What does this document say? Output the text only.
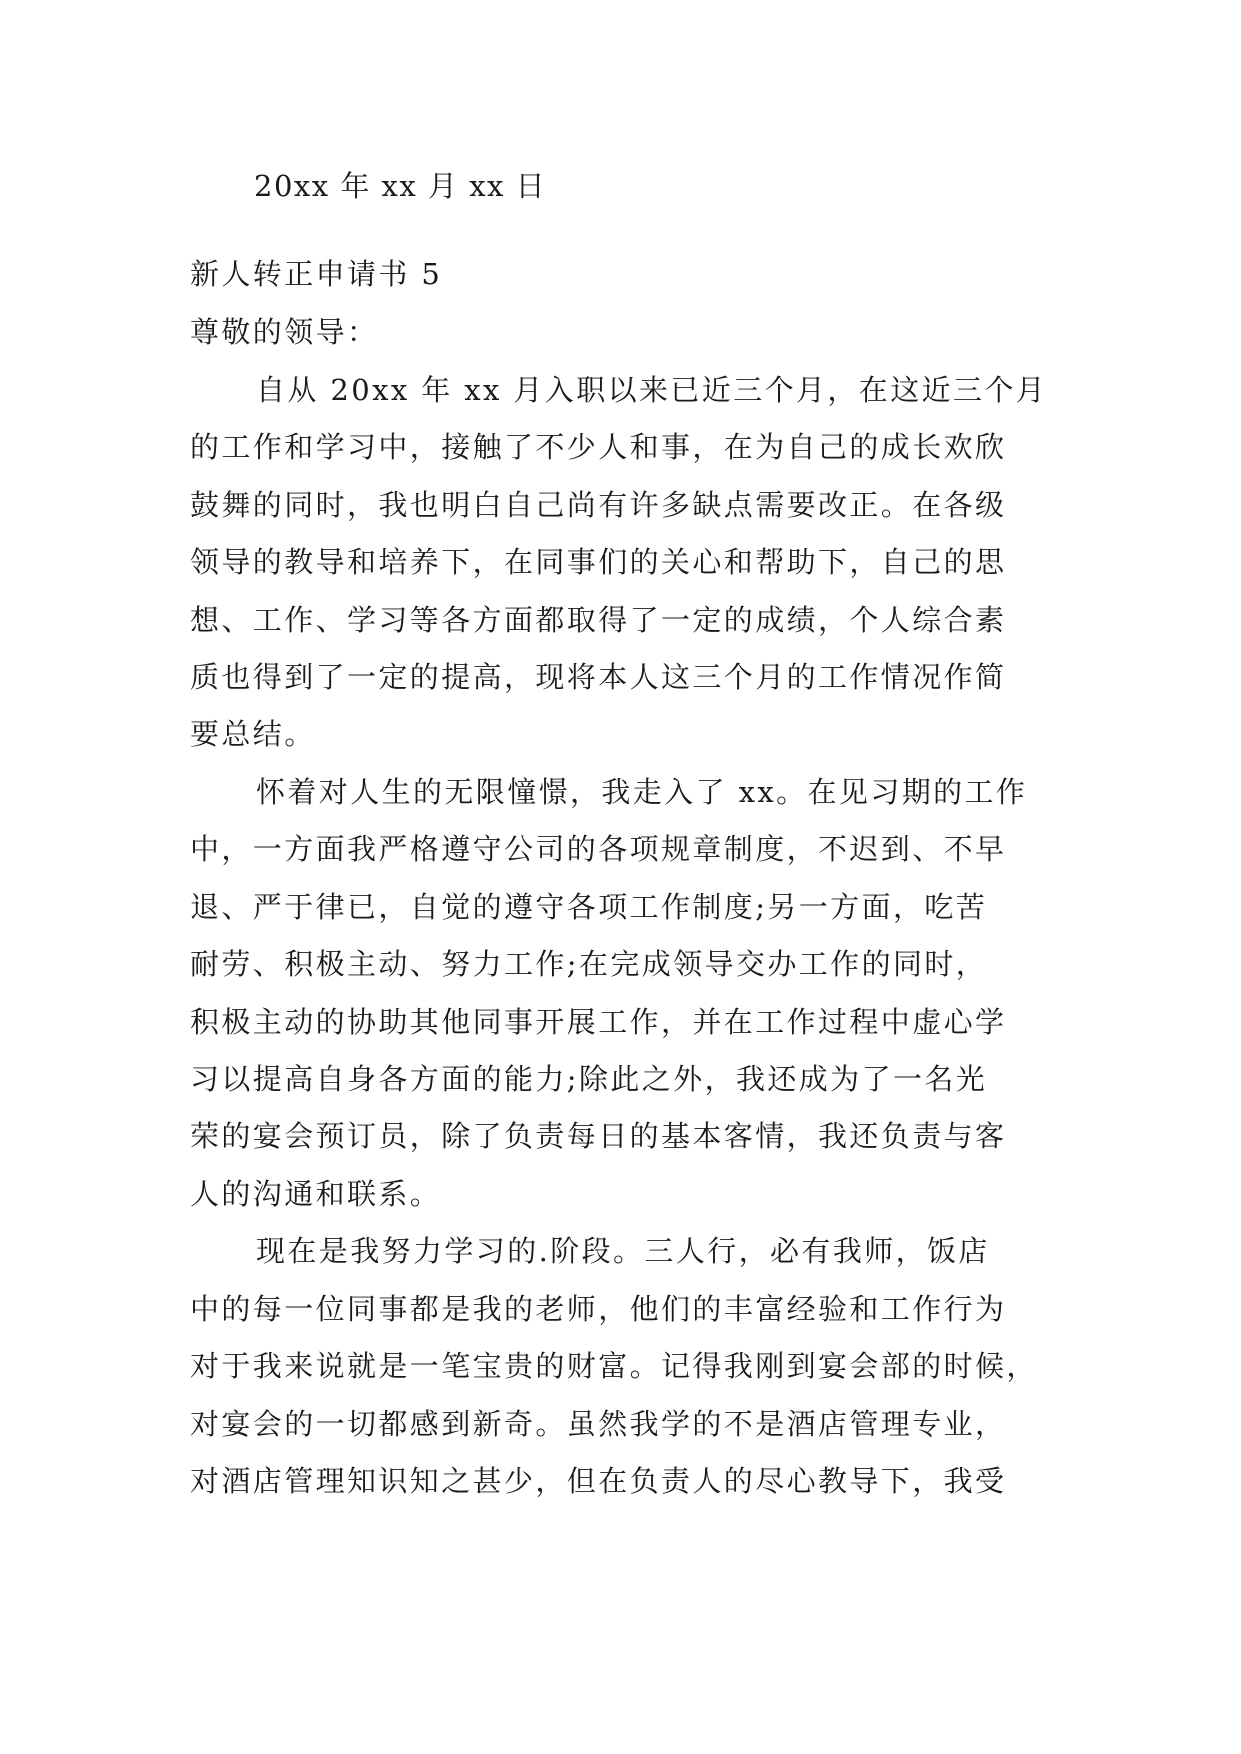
20xx 年 xx 月 xx 日
新人转正申请书 5
尊敬的领导：
自从 20xx 年 xx 月入职以来已近三个月，在这近三个月
的工作和学习中，接触了不少人和事，在为自己的成长欢欣
鼓舞的同时，我也明白自己尚有许多缺点需要改正。在各级
领导的教导和培养下，在同事们的关心和帮助下，自己的思
想、工作、学习等各方面都取得了一定的成绩，个人综合素
质也得到了一定的提高，现将本人这三个月的工作情况作简
要总结。
怀着对人生的无限憧憬，我走入了 xx。在见习期的工作
中，一方面我严格遵守公司的各项规章制度，不迟到、不早
退、严于律已，自觉的遵守各项工作制度;另一方面，吃苦
耐劳、积极主动、努力工作;在完成领导交办工作的同时，
积极主动的协助其他同事开展工作，并在工作过程中虚心学
习以提高自身各方面的能力;除此之外，我还成为了一名光
荣的宴会预订员，除了负责每日的基本客情，我还负责与客
人的沟通和联系。
现在是我努力学习的.阶段。三人行，必有我师，饭店
中的每一位同事都是我的老师，他们的丰富经验和工作行为
对于我来说就是一笔宝贵的财富。记得我刚到宴会部的时候，
对宴会的一切都感到新奇。虽然我学的不是酒店管理专业，
对酒店管理知识知之甚少，但在负责人的尽心教导下，我受
